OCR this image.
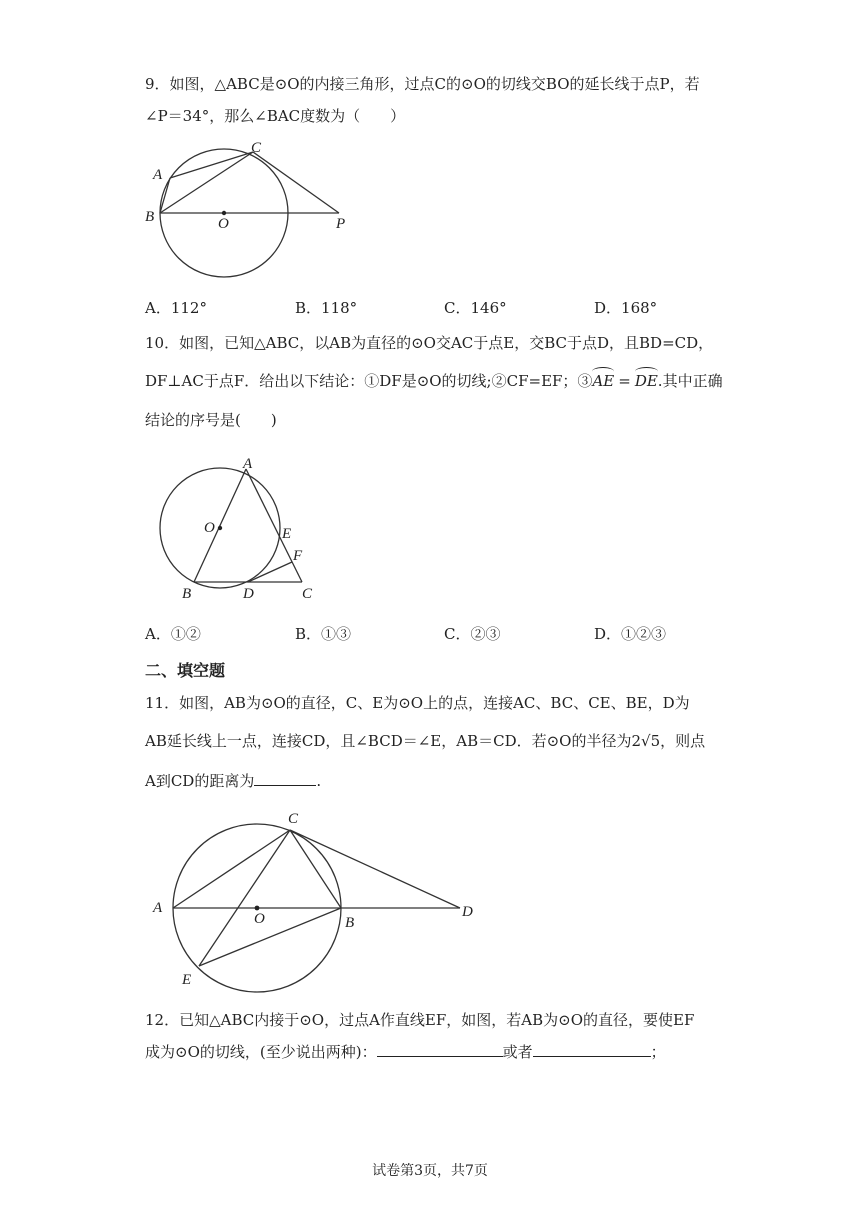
9．如图，△ABC是⊙O的内接三角形，过点C的⊙O的切线交BO的延长线于点P，若
∠P＝34°，那么∠BAC度数为（　　）
C
A
B	O	P
A．112°	B．118°	C．146°	D．168°
10．如图，已知△ABC，以AB为直径的⊙O交AC于点E，交BC于点D，且BD=CD，
DF⊥AC于点F．给出以下结论：①DF是⊙O的切线;②CF=EF；③
AE = DE.其中正确
结论的序号是(　　)
A
O	E
F
B	D	C
A．①②	B．①③	C．②③	D．①②③
二、填空题
11．如图，AB为⊙O的直径，C、E为⊙O上的点，连接AC、BC、CE、BE，D为
AB延长线上一点，连接CD，且∠BCD＝∠E，AB＝CD．若⊙O的半径为2√5，则点
A到CD的距离为	.
C
A
O	B
D
E
12．已知△ABC内接于⊙O，过点A作直线EF，如图，若AB为⊙O的直径，要使EF
成为⊙O的切线，(至少说出两种)：	或者	；
试卷第3页，共7页
